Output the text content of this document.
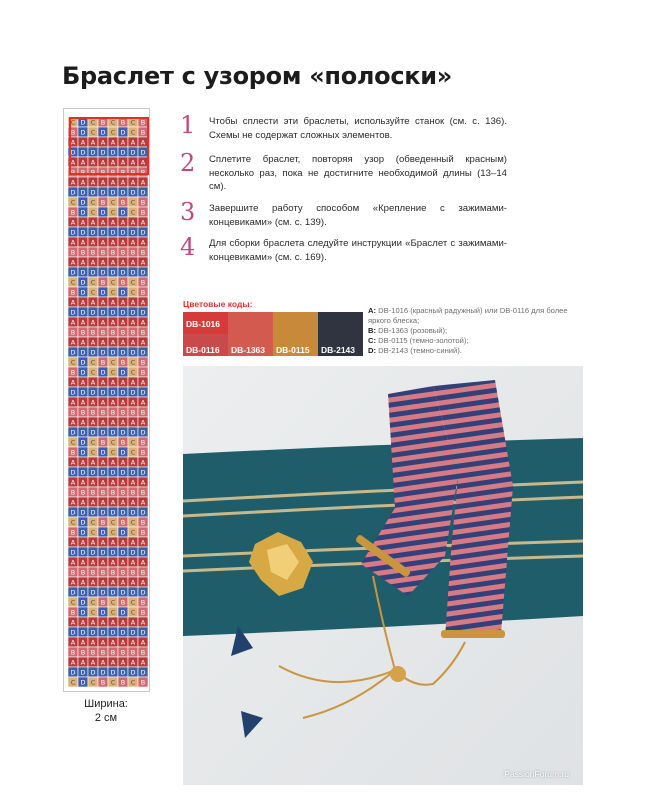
Браслет с узором «полоски»
C D C B C B C B
B D C D C D C B
A A A A A A A A
D D D D D D D D
A A A A A A A A
B B B B B B B B
A A A A A A A A
D D D D D D D D
C D C B C B C B
B D C D C D C B
A A A A A A A A
D D D D D D D D
A A A A A A A A
B B B B B B B B
A A A A A A A A
D D D D D D D D
C D C B C B C B
B D C D C D C B
A A A A A A A A
D D D D D D D D
A A A A A A A A
B B B B B B B B
A A A A A A A A
D D D D D D D D
C D C B C B C B
B D C D C D C B
A A A A A A A A
D D D D D D D D
A A A A A A A A
B B B B B B B B
A A A A A A A A
D D D D D D D D
C D C B C B C B
B D C D C D C B
A A A A A A A A
D D D D D D D D
A A A A A A A A
B B B B B B B B
A A A A A A A A
D D D D D D D D
C D C B C B C B
B D C D C D C B
A A A A A A A A
D D D D D D D D
A A A A A A A A
B B B B B B B B
A A A A A A A A
D D D D D D D D
C D C B C B C B
B D C D C D C B
A A A A A A A A
D D D D D D D D
A A A A A A A A
B B B B B B B B
A A A A A A A A
D D D D D D D D
C D C B C B C B
Ширина:
2 см
1 Чтобы сплести эти браслеты, используйте станок (см. с. 136). Схемы не содержат сложных элементов.
2 Сплетите браслет, повторяя узор (обведенный красным) несколько раз, пока не достигните необходимой длины (13–14 см).
3 Завершите работу способом «Крепление с зажимами-концевиками» (см. с. 139).
4 Для сборки браслета следуйте инструкции «Браслет с зажимами-концевиками» (см. с. 169).
Цветовые коды:
DB-1016
DB-0116 DB-1363 DB-0115 DB-2143
A: DB-1016 (красный радужный) или DB-0116 для более яркого блеска;
B: DB-1363 (розовый);
C: DB-0115 (темно-золотой);
D: DB-2143 (темно-синий).
PassionForum.ru
